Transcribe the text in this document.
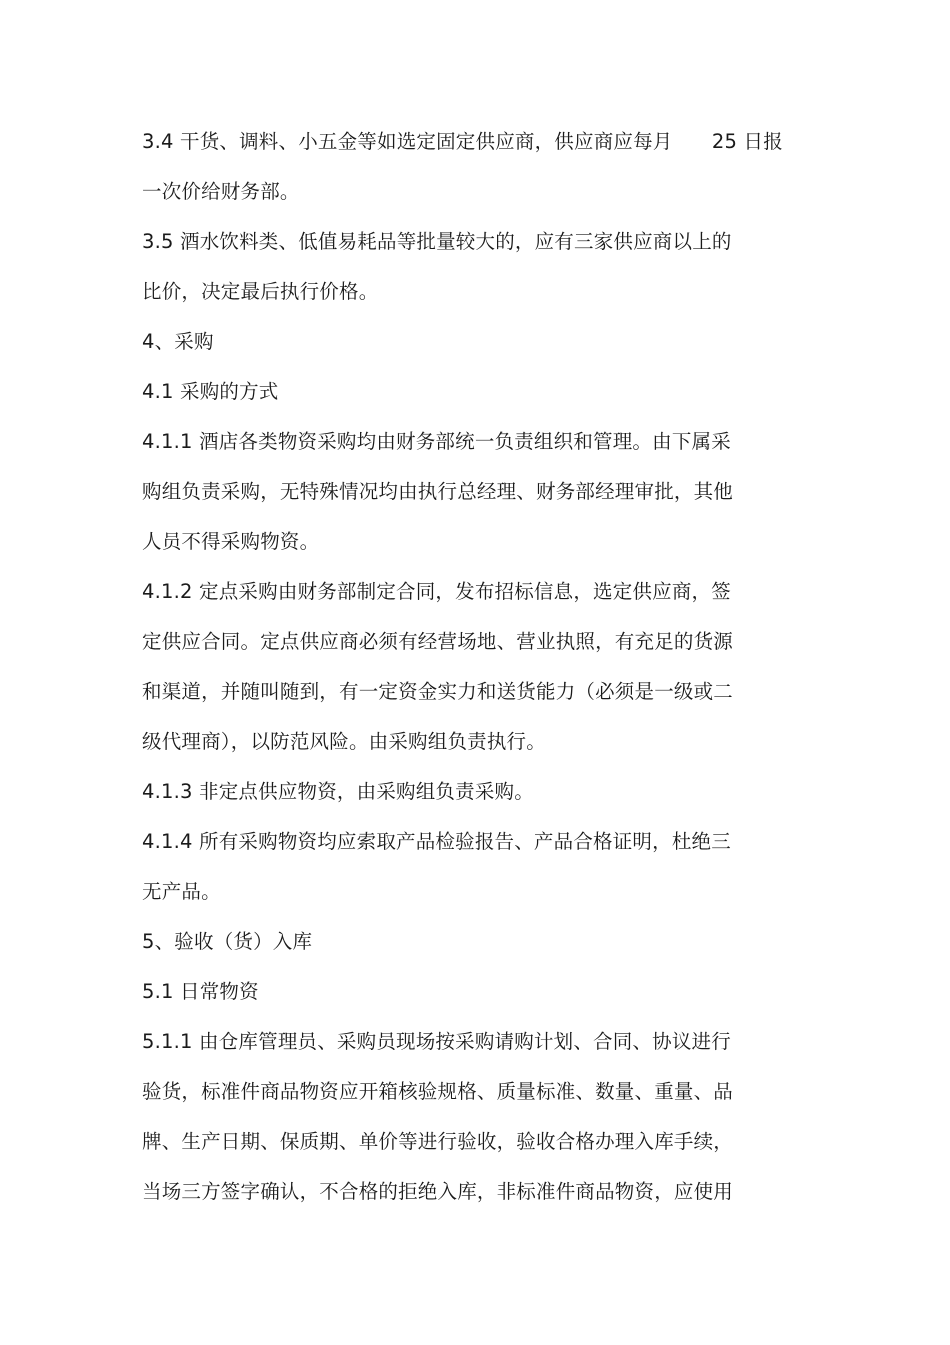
3.4 干货、调料、小五金等如选定固定供应商，供应商应每月　　25 日报
一次价给财务部。
3.5 酒水饮料类、低值易耗品等批量较大的，应有三家供应商以上的
比价，决定最后执行价格。
4、采购
4.1 采购的方式
4.1.1 酒店各类物资采购均由财务部统一负责组织和管理。由下属采
购组负责采购，无特殊情况均由执行总经理、财务部经理审批，其他
人员不得采购物资。
4.1.2 定点采购由财务部制定合同，发布招标信息，选定供应商，签
定供应合同。定点供应商必须有经营场地、营业执照，有充足的货源
和渠道，并随叫随到，有一定资金实力和送货能力（必须是一级或二
级代理商），以防范风险。由采购组负责执行。
4.1.3 非定点供应物资，由采购组负责采购。
4.1.4 所有采购物资均应索取产品检验报告、产品合格证明，杜绝三
无产品。
5、验收（货）入库
5.1 日常物资
5.1.1 由仓库管理员、采购员现场按采购请购计划、合同、协议进行
验货，标准件商品物资应开箱核验规格、质量标准、数量、重量、品
牌、生产日期、保质期、单价等进行验收，验收合格办理入库手续，
当场三方签字确认，不合格的拒绝入库，非标准件商品物资，应使用
